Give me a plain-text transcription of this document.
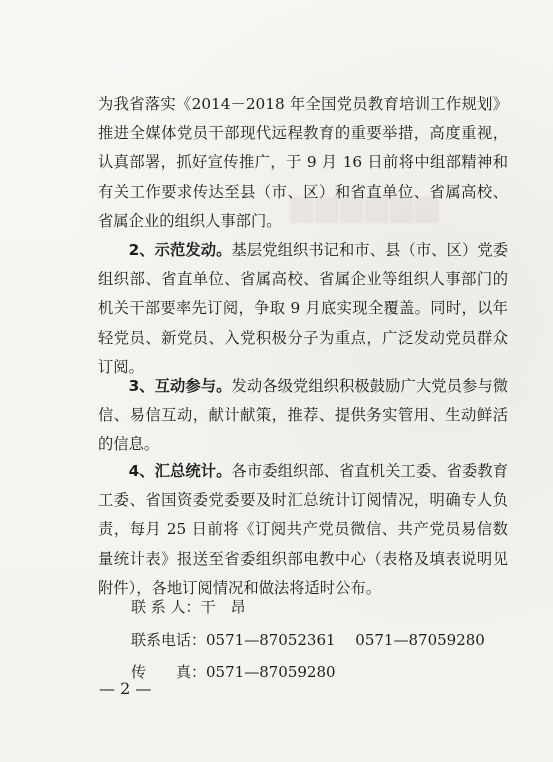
▆▆▆▆▆▆

为我省落实《2014－2018 年全国党员教育培训工作规划》推进全媒体党员干部现代远程教育的重要举措，高度重视，认真部署，抓好宣传推广，于 9 月 16 日前将中组部精神和有关工作要求传达至县（市、区）和省直单位、省属高校、省属企业的组织人事部门。

2、示范发动。基层党组织书记和市、县（市、区）党委组织部、省直单位、省属高校、省属企业等组织人事部门的机关干部要率先订阅，争取 9 月底实现全覆盖。同时，以年轻党员、新党员、入党积极分子为重点，广泛发动党员群众订阅。

3、互动参与。发动各级党组织积极鼓励广大党员参与微信、易信互动，献计献策，推荐、提供务实管用、生动鲜活的信息。

4、汇总统计。各市委组织部、省直机关工委、省委教育工委、省国资委党委要及时汇总统计订阅情况，明确专人负责，每月 25 日前将《订阅共产党员微信、共产党员易信数量统计表》报送至省委组织部电教中心（表格及填表说明见附件），各地订阅情况和做法将适时公布。

联 系 人：干　昂

联系电话：0571—87052361　 0571—87059280

传　　真：0571—87059280

— 2 —
